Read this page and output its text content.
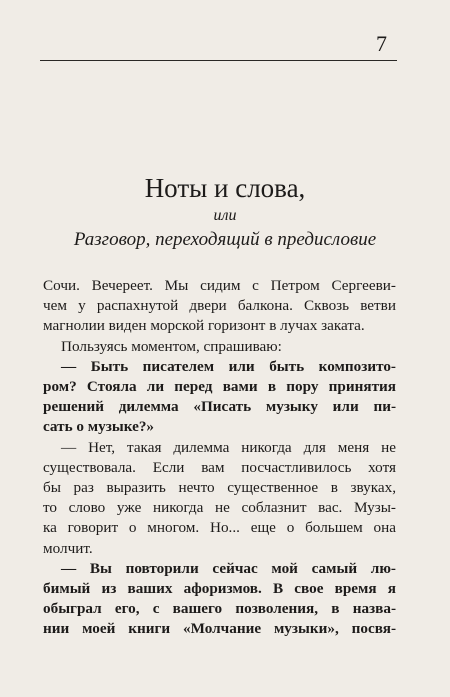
7
Ноты и слова,
или
Разговор, переходящий в предисловие
Сочи. Вечереет. Мы сидим с Петром Сергееви-
чем у распахнутой двери балкона. Сквозь ветви
магнолии виден морской горизонт в лучах заката.
Пользуясь моментом, спрашиваю:
— Быть писателем или быть композито-
ром? Стояла ли перед вами в пору принятия
решений дилемма «Писать музыку или пи-
сать о музыке?»
— Нет, такая дилемма никогда для меня не
существовала. Если вам посчастливилось хотя
бы раз выразить нечто существенное в звуках,
то слово уже никогда не соблазнит вас. Музы-
ка говорит о многом. Но... еще о большем она
молчит.
— Вы повторили сейчас мой самый лю-
бимый из ваших афоризмов. В свое время я
обыграл его, с вашего позволения, в назва-
нии моей книги «Молчание музыки», посвя-
